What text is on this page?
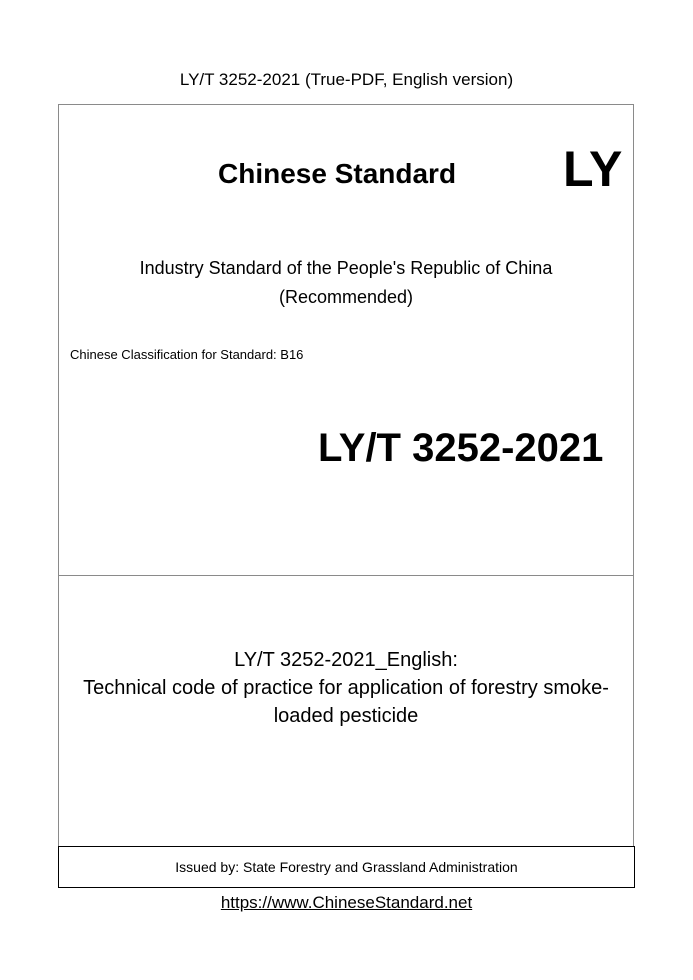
LY/T 3252-2021 (True-PDF, English version)
Chinese Standard LY
Industry Standard of the People's Republic of China
(Recommended)
Chinese Classification for Standard: B16
LY/T 3252-2021
LY/T 3252-2021_English:
Technical code of practice for application of forestry smoke-
loaded pesticide
Issued by: State Forestry and Grassland Administration
https://www.ChineseStandard.net
